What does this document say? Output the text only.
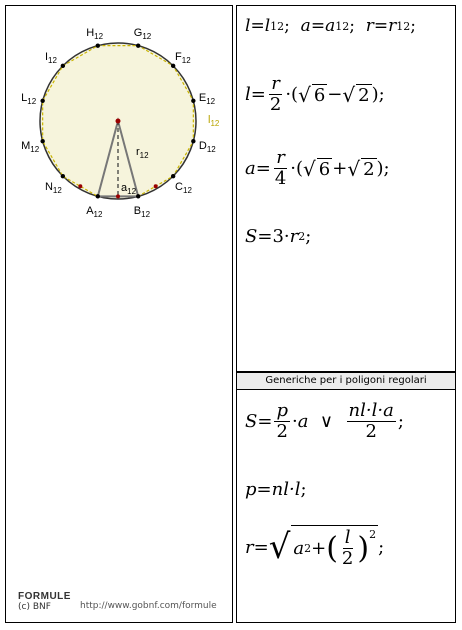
$A_{12}$	$B_{12}$
$C_{12}$
$D_{12}$
$E_{12}$
$F_{12}$
$G_{12}$
$H_{12}$
$I_{12}$
$L_{12}$
$M_{12}$
$N_{12}$
$l_{12}$
$r_{12}$
$a_{12}$
FORMULE
(c) BNF	http://www.gobnf.com/formule
l = l 12 ; a = a 12 ; r = r 12 ;
$l = \frac{r}{2}$ ·( √ 6 − √ 2 );
$a = \frac{r}{4}$ ·( √ 6 + √ 2 );
S = 3 · r 2 ;
Generiche per i poligoni regolari
$S = \frac{p}{2} \cdot a$
∨
$\frac{nl\cdot l\cdot a}{2}$ ;
p = nl·l ;
r = √ a 2 + ( $\frac{l}{2} )^2$
;
